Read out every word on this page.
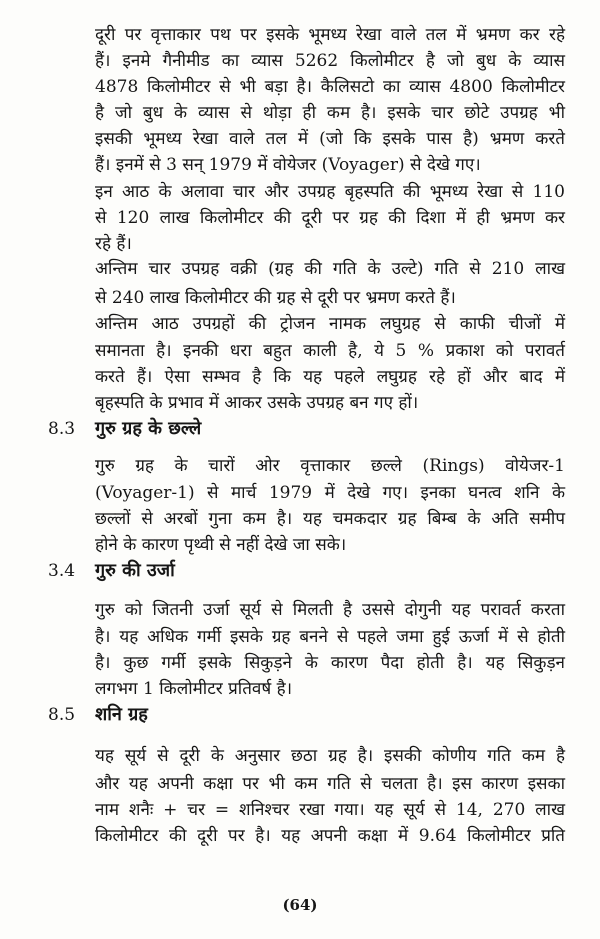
दूरी पर वृत्ताकार पथ पर इसके भूमध्य रेखा वाले तल में भ्रमण कर रहे
हैं। इनमे गैनीमीड का व्यास 5262 किलोमीटर है जो बुध के व्यास
4878 किलोमीटर से भी बड़ा है। कैलिसटो का व्यास 4800 किलोमीटर
है जो बुध के व्यास से थोड़ा ही कम है। इसके चार छोटे उपग्रह भी
इसकी भूमध्य रेखा वाले तल में (जो कि इसके पास है) भ्रमण करते
हैं। इनमें से 3 सन् 1979 में वोयेजर (Voyager) से देखे गए।
इन आठ के अलावा चार और उपग्रह बृहस्पति की भूमध्य रेखा से 110
से 120 लाख किलोमीटर की दूरी पर ग्रह की दिशा में ही भ्रमण कर
रहे हैं।
अन्तिम चार उपग्रह वक्री (ग्रह की गति के उल्टे) गति से 210 लाख
से 240 लाख किलोमीटर की ग्रह से दूरी पर भ्रमण करते हैं।
अन्तिम आठ उपग्रहों की ट्रोजन नामक लघुग्रह से काफी चीजों में
समानता है। इनकी धरा बहुत काली है, ये 5 % प्रकाश को परावर्त
करते हैं। ऐसा सम्भव है कि यह पहले लघुग्रह रहे हों और बाद में
बृहस्पति के प्रभाव में आकर उसके उपग्रह बन गए हों।
8.3 गुरु ग्रह के छल्ले
गुरु ग्रह के चारों ओर वृत्ताकार छल्ले (Rings) वोयेजर-1
(Voyager-1) से मार्च 1979 में देखे गए। इनका घनत्व शनि के
छल्लों से अरबों गुना कम है। यह चमकदार ग्रह बिम्ब के अति समीप
होने के कारण पृथ्वी से नहीं देखे जा सके।
3.4 गुरु की उर्जा
गुरु को जितनी उर्जा सूर्य से मिलती है उससे दोगुनी यह परावर्त करता
है। यह अधिक गर्मी इसके ग्रह बनने से पहले जमा हुई ऊर्जा में से होती
है। कुछ गर्मी इसके सिकुड़ने के कारण पैदा होती है। यह सिकुड़न
लगभग 1 किलोमीटर प्रतिवर्ष है।
8.5 शनि ग्रह
यह सूर्य से दूरी के अनुसार छठा ग्रह है। इसकी कोणीय गति कम है
और यह अपनी कक्षा पर भी कम गति से चलता है। इस कारण इसका
नाम शनैः + चर = शनिश्चर रखा गया। यह सूर्य से 14, 270 लाख
किलोमीटर की दूरी पर है। यह अपनी कक्षा में 9.64 किलोमीटर प्रति
(64)
